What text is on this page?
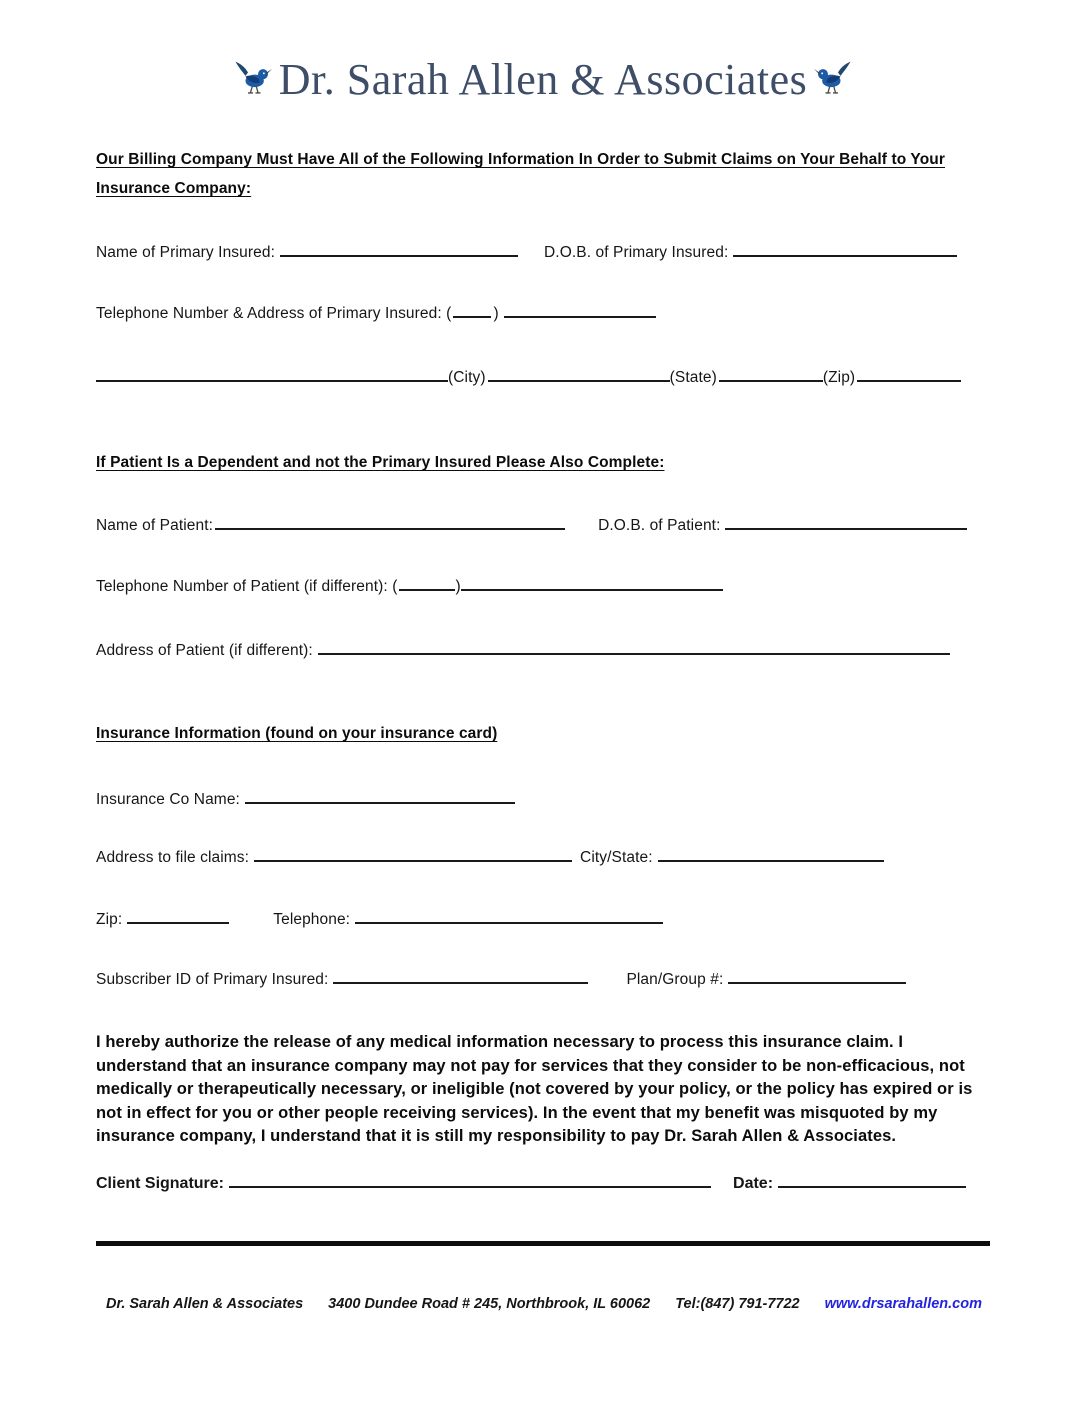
Dr. Sarah Allen & Associates
Our Billing Company Must Have All of the Following Information In Order to Submit Claims on Your Behalf to Your Insurance Company:
Name of Primary Insured:	D.O.B. of Primary Insured:
Telephone Number & Address of Primary Insured: (	)
(City)	(State)	(Zip)
If Patient Is a Dependent and not the Primary Insured Please Also Complete:
Name of Patient:	D.O.B. of Patient:
Telephone Number of Patient (if different): (	)
Address of Patient (if different):
Insurance Information (found on your insurance card)
Insurance Co Name:
Address to file claims:	City/State:
Zip:	Telephone:
Subscriber ID of Primary Insured:	Plan/Group #:
I hereby authorize the release of any medical information necessary to process this insurance claim. I understand that an insurance company may not pay for services that they consider to be non-efficacious, not medically or therapeutically necessary, or ineligible (not covered by your policy, or the policy has expired or is not in effect for you or other people receiving services). In the event that my benefit was misquoted by my insurance company, I understand that it is still my responsibility to pay Dr. Sarah Allen & Associates.
Client Signature:	Date:
Dr. Sarah Allen & Associates 3400 Dundee Road # 245, Northbrook, IL 60062 Tel:(847) 791-7722 www.drsarahallen.com
